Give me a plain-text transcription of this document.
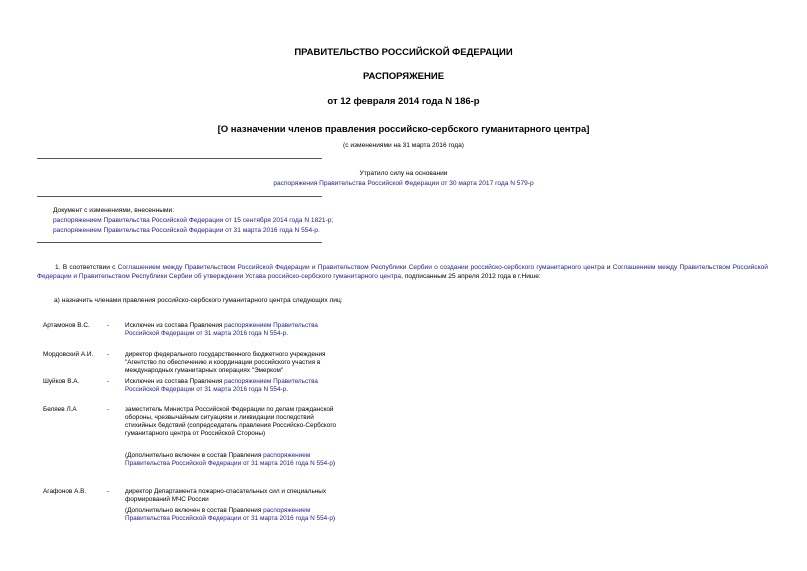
ПРАВИТЕЛЬСТВО РОССИЙСКОЙ ФЕДЕРАЦИИ
РАСПОРЯЖЕНИЕ
от 12 февраля 2014 года N 186-р
[О назначении членов правления российско-сербского гуманитарного центра]
(с изменениями на 31 марта 2016 года)
Утратило силу на основании
распоряжения Правительства Российской Федерации от 30 марта 2017 года N 579-р
Документ с изменениями, внесенными:
распоряжением Правительства Российской Федерации от 15 сентября 2014 года N 1821-р;
распоряжением Правительства Российской Федерации от 31 марта 2016 года N 554-р.
1. В соответствии с Соглашением между Правительством Российской Федерации и Правительством Республики Сербии о создании российско-сербского гуманитарного центра и Соглашением между Правительством Российской Федерации и Правительством Республики Сербии об утверждении Устава российско-сербского гуманитарного центра, подписанным 25 апреля 2012 года в г.Нише:
а) назначить членами правления российско-сербского гуманитарного центра следующих лиц:
Артамонов В.С.	-	Исключен из состава Правления распоряжением Правительства Российской Федерации от 31 марта 2016 года N 554-р.
Мордовский А.И. -	директор федерального государственного бюджетного учреждения "Агентство по обеспечению и координации российского участия в международных гуманитарных операциях "Эмерком"
Шуйков В.А.	-	Исключен из состава Правления распоряжением Правительства Российской Федерации от 31 марта 2016 года N 554-р.
Беляев Л.А	-	заместитель Министра Российской Федерации по делам гражданской обороны, чрезвычайным ситуациям и ликвидации последствий стихийных бедствий (сопредседатель правления Российско-Сербского гуманитарного центра от Российской Стороны)
(Дополнительно включен в состав Правления распоряжением Правительства Российской Федерации от 31 марта 2016 года N 554-р)
Агафонов А.В.	-	директор Департамента пожарно-спасательных сил и специальных формирований МЧС России
(Дополнительно включен в состав Правления распоряжением Правительства Российской Федерации от 31 марта 2016 года N 554-р)
